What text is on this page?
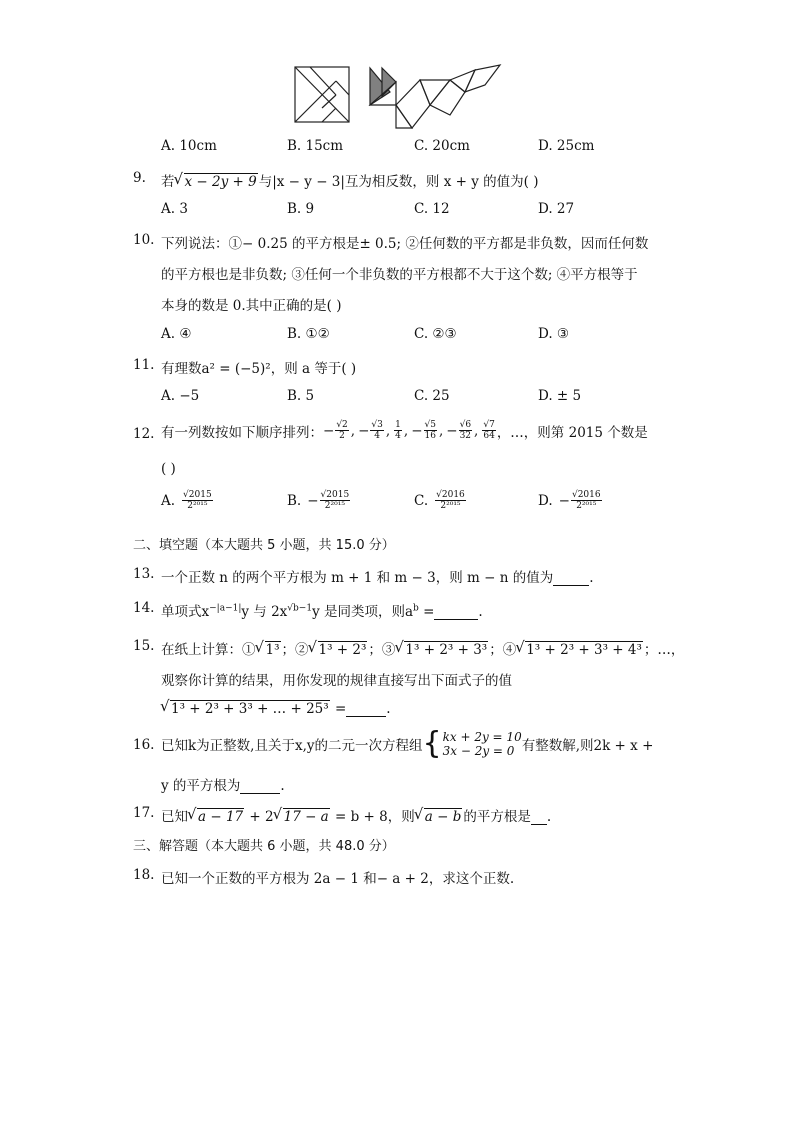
A. 10cm	B. 15cm	C. 20cm	D. 25cm
9. 若 √ x − 2y + 9 与|x − y − 3|互为相反数，则 x + y 的值为( )
A. 3	B. 9	C. 12	D. 27
10. 下列说法：①− 0.25 的平方根是± 0.5; ②任何数的平方都是非负数，因而任何数
的平方根也是非负数; ③任何一个非负数的平方根都不大于这个数; ④平方根等于
本身的数是 0.其中正确的是( )
A. ④	B. ①②	C. ②③	D. ③
11. 有理数a² = (−5)²，则 a 等于( )
A. −5	B. 5	C. 25	D. ± 5
12. 有一列数按如下顺序排列： − $\frac{√2}{2}$ , − $\frac{√3}{4}$ , $\frac{1}{4}$ , − $\frac{√5}{16}$ , − $\frac{√6}{32}$ , $\frac{√7}{64}$ ，…，则第 2015 个数是
( )
A. $\frac{√2015}{\text{2²⁰¹⁵}}$	B. − $\frac{√2015}{\text{2²⁰¹⁵}}$	C. $\frac{√2016}{\text{2²⁰¹⁵}}$	D. − $\frac{√2016}{\text{2²⁰¹⁵}}$
二、填空题（本大题共 5 小题，共 15.0 分）
13. 一个正数 n 的两个平方根为 m + 1 和 m − 3，则 m − n 的值为	.
14. 单项式$x^{-|a-1|}y$ 与 $2x^{√b-1}y$ 是同类项，则$a^b$ =	.
15. 在纸上计算：① √ 1³ ；② √ 1³ + 2³ ；③ √ 1³ + 2³ + 3³ ；④ √ 1³ + 2³ + 3³ + 4³ ；…，
观察你计算的结果，用你发现的规律直接写出下面式子的值
√ 1³ + 2³ + 3³ + … + 25³ =	.
16. 已知k为正整数,且关于x,y的二元一次方程组 { kx + 2y = 10
3x − 2y = 0 有整数解,则2k + x +
y 的平方根为	.
17. 已知 √ a − 17 + 2 √ 17 − a = b + 8，则 √ a − b 的平方根是 .
三、解答题（本大题共 6 小题，共 48.0 分）
18. 已知一个正数的平方根为 2a − 1 和− a + 2，求这个正数.
